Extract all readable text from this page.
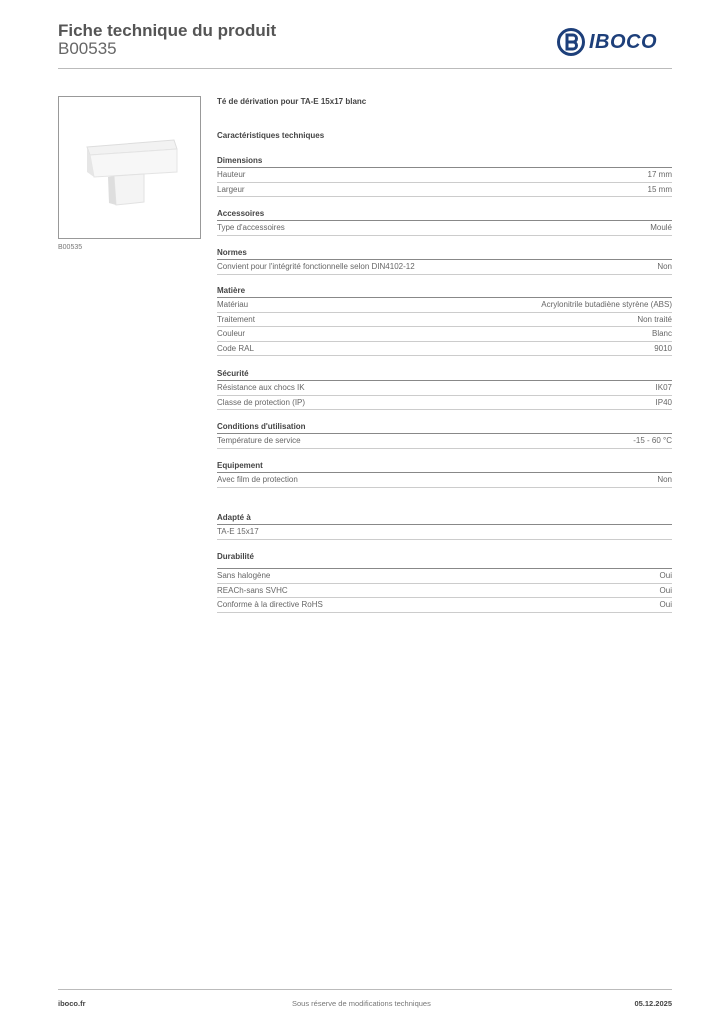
Fiche technique du produit
B00535	IBOCO
B00535
Té de dérivation pour TA-E 15x17 blanc
Caractéristiques techniques
Dimensions
Hauteur	17 mm
Largeur	15 mm
Accessoires
Type d'accessoires	Moulé
Normes
Convient pour l'intégrité fonctionnelle selon DIN4102-12	Non
Matière
Matériau	Acrylonitrile butadiène styrène (ABS)
Traitement	Non traité
Couleur	Blanc
Code RAL	9010
Sécurité
Résistance aux chocs IK	IK07
Classe de protection (IP)	IP40
Conditions d'utilisation
Température de service	-15 - 60 °C
Equipement
Avec film de protection	Non
Adapté à
TA-E 15x17
Durabilité
Sans halogène	Oui
REACh-sans SVHC	Oui
Conforme à la directive RoHS	Oui
iboco.fr	Sous réserve de modifications techniques	05.12.2025
